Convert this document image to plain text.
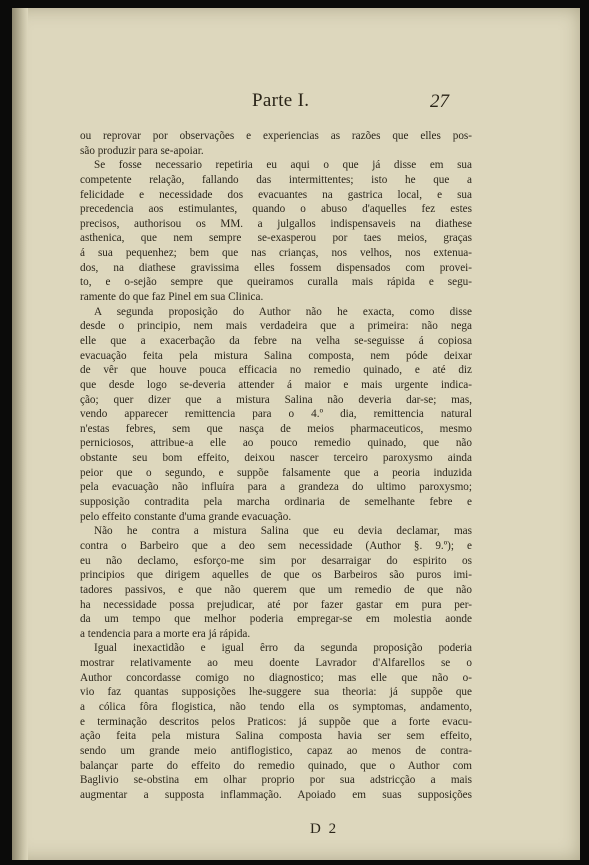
Parte I.	27
ou reprovar por observações e experiencias as razões que elles pos-
são produzir para se-apoiar.
Se fosse necessario repetiria eu aqui o que já disse em sua
competente relação, fallando das intermittentes; isto he que a
felicidade e necessidade dos evacuantes na gastrica local, e sua
precedencia aos estimulantes, quando o abuso d'aquelles fez estes
precisos, authorisou os MM. a julgallos indispensaveis na diathese
asthenica, que nem sempre se-exasperou por taes meios, graças
á sua pequenhez; bem que nas crianças, nos velhos, nos extenua-
dos, na diathese gravissima elles fossem dispensados com provei-
to, e o-sejão sempre que queiramos curalla mais rápida e segu-
ramente do que faz Pinel em sua Clinica.
A segunda proposição do Author não he exacta, como disse
desde o principio, nem mais verdadeira que a primeira: não nega
elle que a exacerbação da febre na velha se-seguisse á copiosa
evacuação feita pela mistura Salina composta, nem póde deixar
de vêr que houve pouca efficacia no remedio quinado, e até diz
que desde logo se-deveria attender á maior e mais urgente indica-
ção; quer dizer que a mistura Salina não deveria dar-se; mas,
vendo apparecer remittencia para o 4.º dia, remittencia natural
n'estas febres, sem que nasça de meios pharmaceuticos, mesmo
perniciosos, attribue-a elle ao pouco remedio quinado, que não
obstante seu bom effeito, deixou nascer terceiro paroxysmo ainda
peior que o segundo, e suppõe falsamente que a peoria induzida
pela evacuação não influíra para a grandeza do ultimo paroxysmo;
supposição contradita pela marcha ordinaria de semelhante febre e
pelo effeito constante d'uma grande evacuação.
Não he contra a mistura Salina que eu devia declamar, mas
contra o Barbeiro que a deo sem necessidade (Author §. 9.º); e
eu não declamo, esforço-me sim por desarraigar do espirito os
principios que dirigem aquelles de que os Barbeiros são puros imi-
tadores passivos, e que não querem que um remedio de que não
ha necessidade possa prejudicar, até por fazer gastar em pura per-
da um tempo que melhor poderia empregar-se em molestia aonde
a tendencia para a morte era já rápida.
Igual inexactidão e igual êrro da segunda proposição poderia
mostrar relativamente ao meu doente Lavrador d'Alfarellos se o
Author concordasse comigo no diagnostico; mas elle que não o-
vio faz quantas supposições lhe-suggere sua theoria: já suppõe que
a cólica fôra flogistica, não tendo ella os symptomas, andamento,
e terminação descritos pelos Praticos: já suppõe que a forte evacu-
ação feita pela mistura Salina composta havia ser sem effeito,
sendo um grande meio antiflogistico, capaz ao menos de contra-
balançar parte do effeito do remedio quinado, que o Author com
Baglivio se-obstina em olhar proprio por sua adstricção a mais
augmentar a supposta inflammação. Apoiado em suas supposições
D 2
